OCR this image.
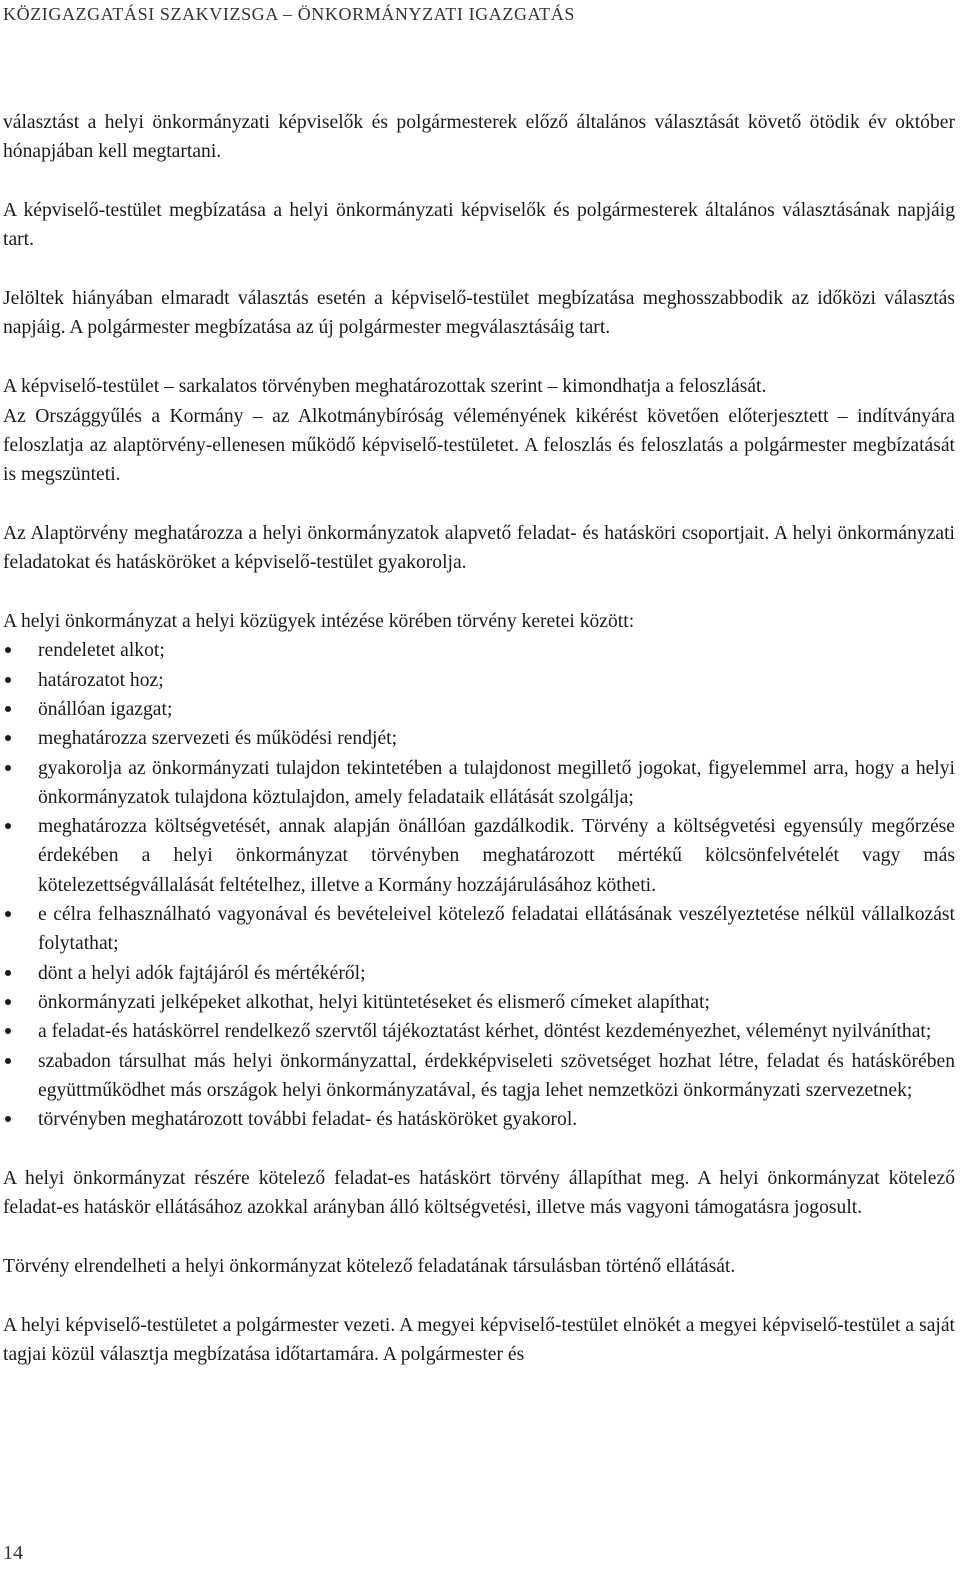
KÖZIGAZGATÁSI SZAKVIZSGA – ÖNKORMÁNYZATI IGAZGATÁS

választást a helyi önkormányzati képviselők és polgármesterek előző általános választását követő ötödik év október hónapjában kell megtartani.

A képviselő-testület megbízatása a helyi önkormányzati képviselők és polgármesterek általános választásának napjáig tart.

Jelöltek hiányában elmaradt választás esetén a képviselő-testület megbízatása meghosszabbodik az időközi választás napjáig. A polgármester megbízatása az új polgármester megválasztásáig tart.

A képviselő-testület – sarkalatos törvényben meghatározottak szerint – kimondhatja a feloszlását.

Az Országgyűlés a Kormány – az Alkotmánybíróság véleményének kikérést követően előterjesztett – indítványára feloszlatja az alaptörvény-ellenesen működő képviselő-testületet. A feloszlás és feloszlatás a polgármester megbízatását is megszünteti.

Az Alaptörvény meghatározza a helyi önkormányzatok alapvető feladat- és hatásköri csoportjait. A helyi önkormányzati feladatokat és hatásköröket a képviselő-testület gyakorolja.

A helyi önkormányzat a helyi közügyek intézése körében törvény keretei között:

rendeletet alkot;
határozatot hoz;
önállóan igazgat;
meghatározza szervezeti és működési rendjét;
gyakorolja az önkormányzati tulajdon tekintetében a tulajdonost megillető jogokat, figyelemmel arra, hogy a helyi önkormányzatok tulajdona köztulajdon, amely feladataik ellátását szolgálja;
meghatározza költségvetését, annak alapján önállóan gazdálkodik. Törvény a költségvetési egyensúly megőrzése érdekében a helyi önkormányzat törvényben meghatározott mértékű kölcsönfelvételét vagy más kötelezettségvállalását feltételhez, illetve a Kormány hozzájárulásához kötheti.
e célra felhasználható vagyonával és bevételeivel kötelező feladatai ellátásának veszélyeztetése nélkül vállalkozást folytathat;
dönt a helyi adók fajtájáról és mértékéről;
önkormányzati jelképeket alkothat, helyi kitüntetéseket és elismerő címeket alapíthat;
a feladat-és hatáskörrel rendelkező szervtől tájékoztatást kérhet, döntést kezdeményezhet, véleményt nyilváníthat;
szabadon társulhat más helyi önkormányzattal, érdekképviseleti szövetséget hozhat létre, feladat és hatáskörében együttműködhet más országok helyi önkormányzatával, és tagja lehet nemzetközi önkormányzati szervezetnek;
törvényben meghatározott további feladat- és hatásköröket gyakorol.

A helyi önkormányzat részére kötelező feladat-es hatáskört törvény állapíthat meg. A helyi önkormányzat kötelező feladat-es hatáskör ellátásához azokkal arányban álló költségvetési, illetve más vagyoni támogatásra jogosult.

Törvény elrendelheti a helyi önkormányzat kötelező feladatának társulásban történő ellátását.

A helyi képviselő-testületet a polgármester vezeti. A megyei képviselő-testület elnökét a megyei képviselő-testület a saját tagjai közül választja megbízatása időtartamára. A polgármester és

14
